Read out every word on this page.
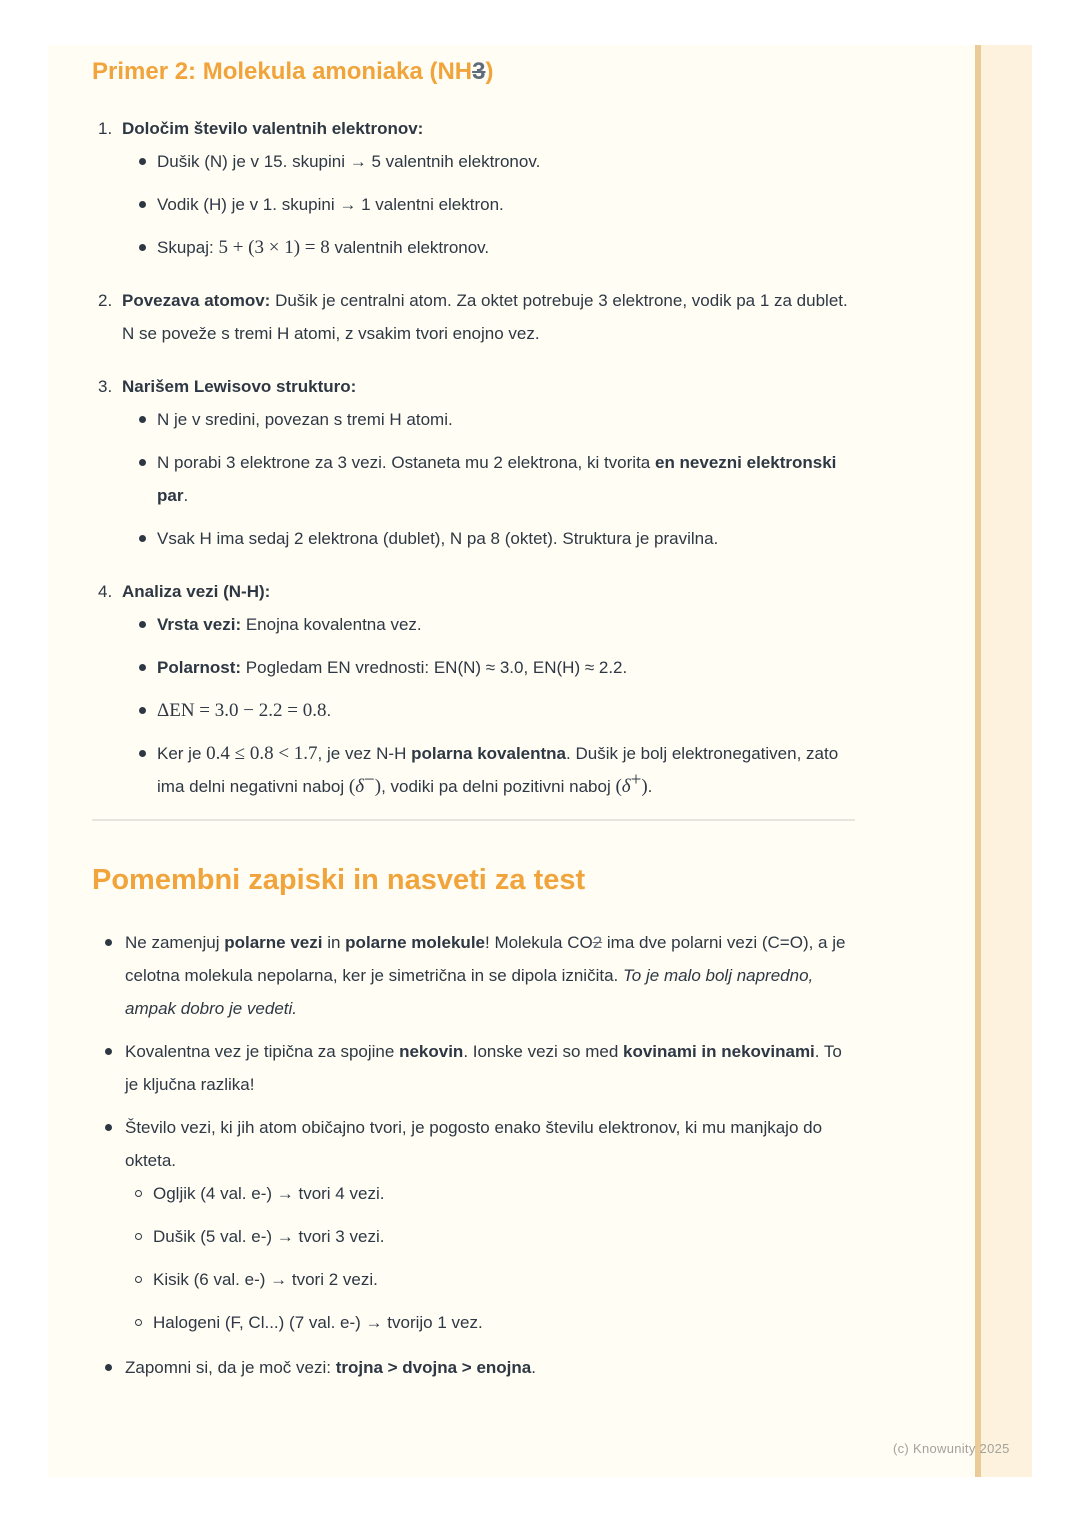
Primer 2: Molekula amoniaka (NH3)
1. Določim število valentnih elektronov:
Dušik (N) je v 15. skupini → 5 valentnih elektronov.
Vodik (H) je v 1. skupini → 1 valentni elektron.
Skupaj: 5 + (3 × 1) = 8 valentnih elektronov.
2. Povezava atomov: Dušik je centralni atom. Za oktet potrebuje 3 elektrone, vodik pa 1 za dublet. N se poveže s tremi H atomi, z vsakim tvori enojno vez.
3. Narišem Lewisovo strukturo:
N je v sredini, povezan s tremi H atomi.
N porabi 3 elektrone za 3 vezi. Ostaneta mu 2 elektrona, ki tvorita en nevezni elektronski par.
Vsak H ima sedaj 2 elektrona (dublet), N pa 8 (oktet). Struktura je pravilna.
4. Analiza vezi (N-H):
Vrsta vezi: Enojna kovalentna vez.
Polarnost: Pogledam EN vrednosti: EN(N) ≈ 3.0, EN(H) ≈ 2.2.
ΔEN = 3.0 − 2.2 = 0.8.
Ker je 0.4 ≤ 0.8 < 1.7, je vez N-H polarna kovalentna. Dušik je bolj elektronegativen, zato ima delni negativni naboj (δ−), vodiki pa delni pozitivni naboj (δ+).
Pomembni zapiski in nasveti za test
Ne zamenjuj polarne vezi in polarne molekule! Molekula CO2 ima dve polarni vezi (C=O), a je celotna molekula nepolarna, ker je simetrična in se dipola izničita. To je malo bolj napredno, ampak dobro je vedeti.
Kovalentna vez je tipična za spojine nekovin. Ionske vezi so med kovinami in nekovinami. To je ključna razlika!
Število vezi, ki jih atom običajno tvori, je pogosto enako številu elektronov, ki mu manjkajo do okteta.
Ogljik (4 val. e-) → tvori 4 vezi.
Dušik (5 val. e-) → tvori 3 vezi.
Kisik (6 val. e-) → tvori 2 vezi.
Halogeni (F, Cl...) (7 val. e-) → tvorijo 1 vez.
Zapomni si, da je moč vezi: trojna > dvojna > enojna.
(c) Knowunity 2025
